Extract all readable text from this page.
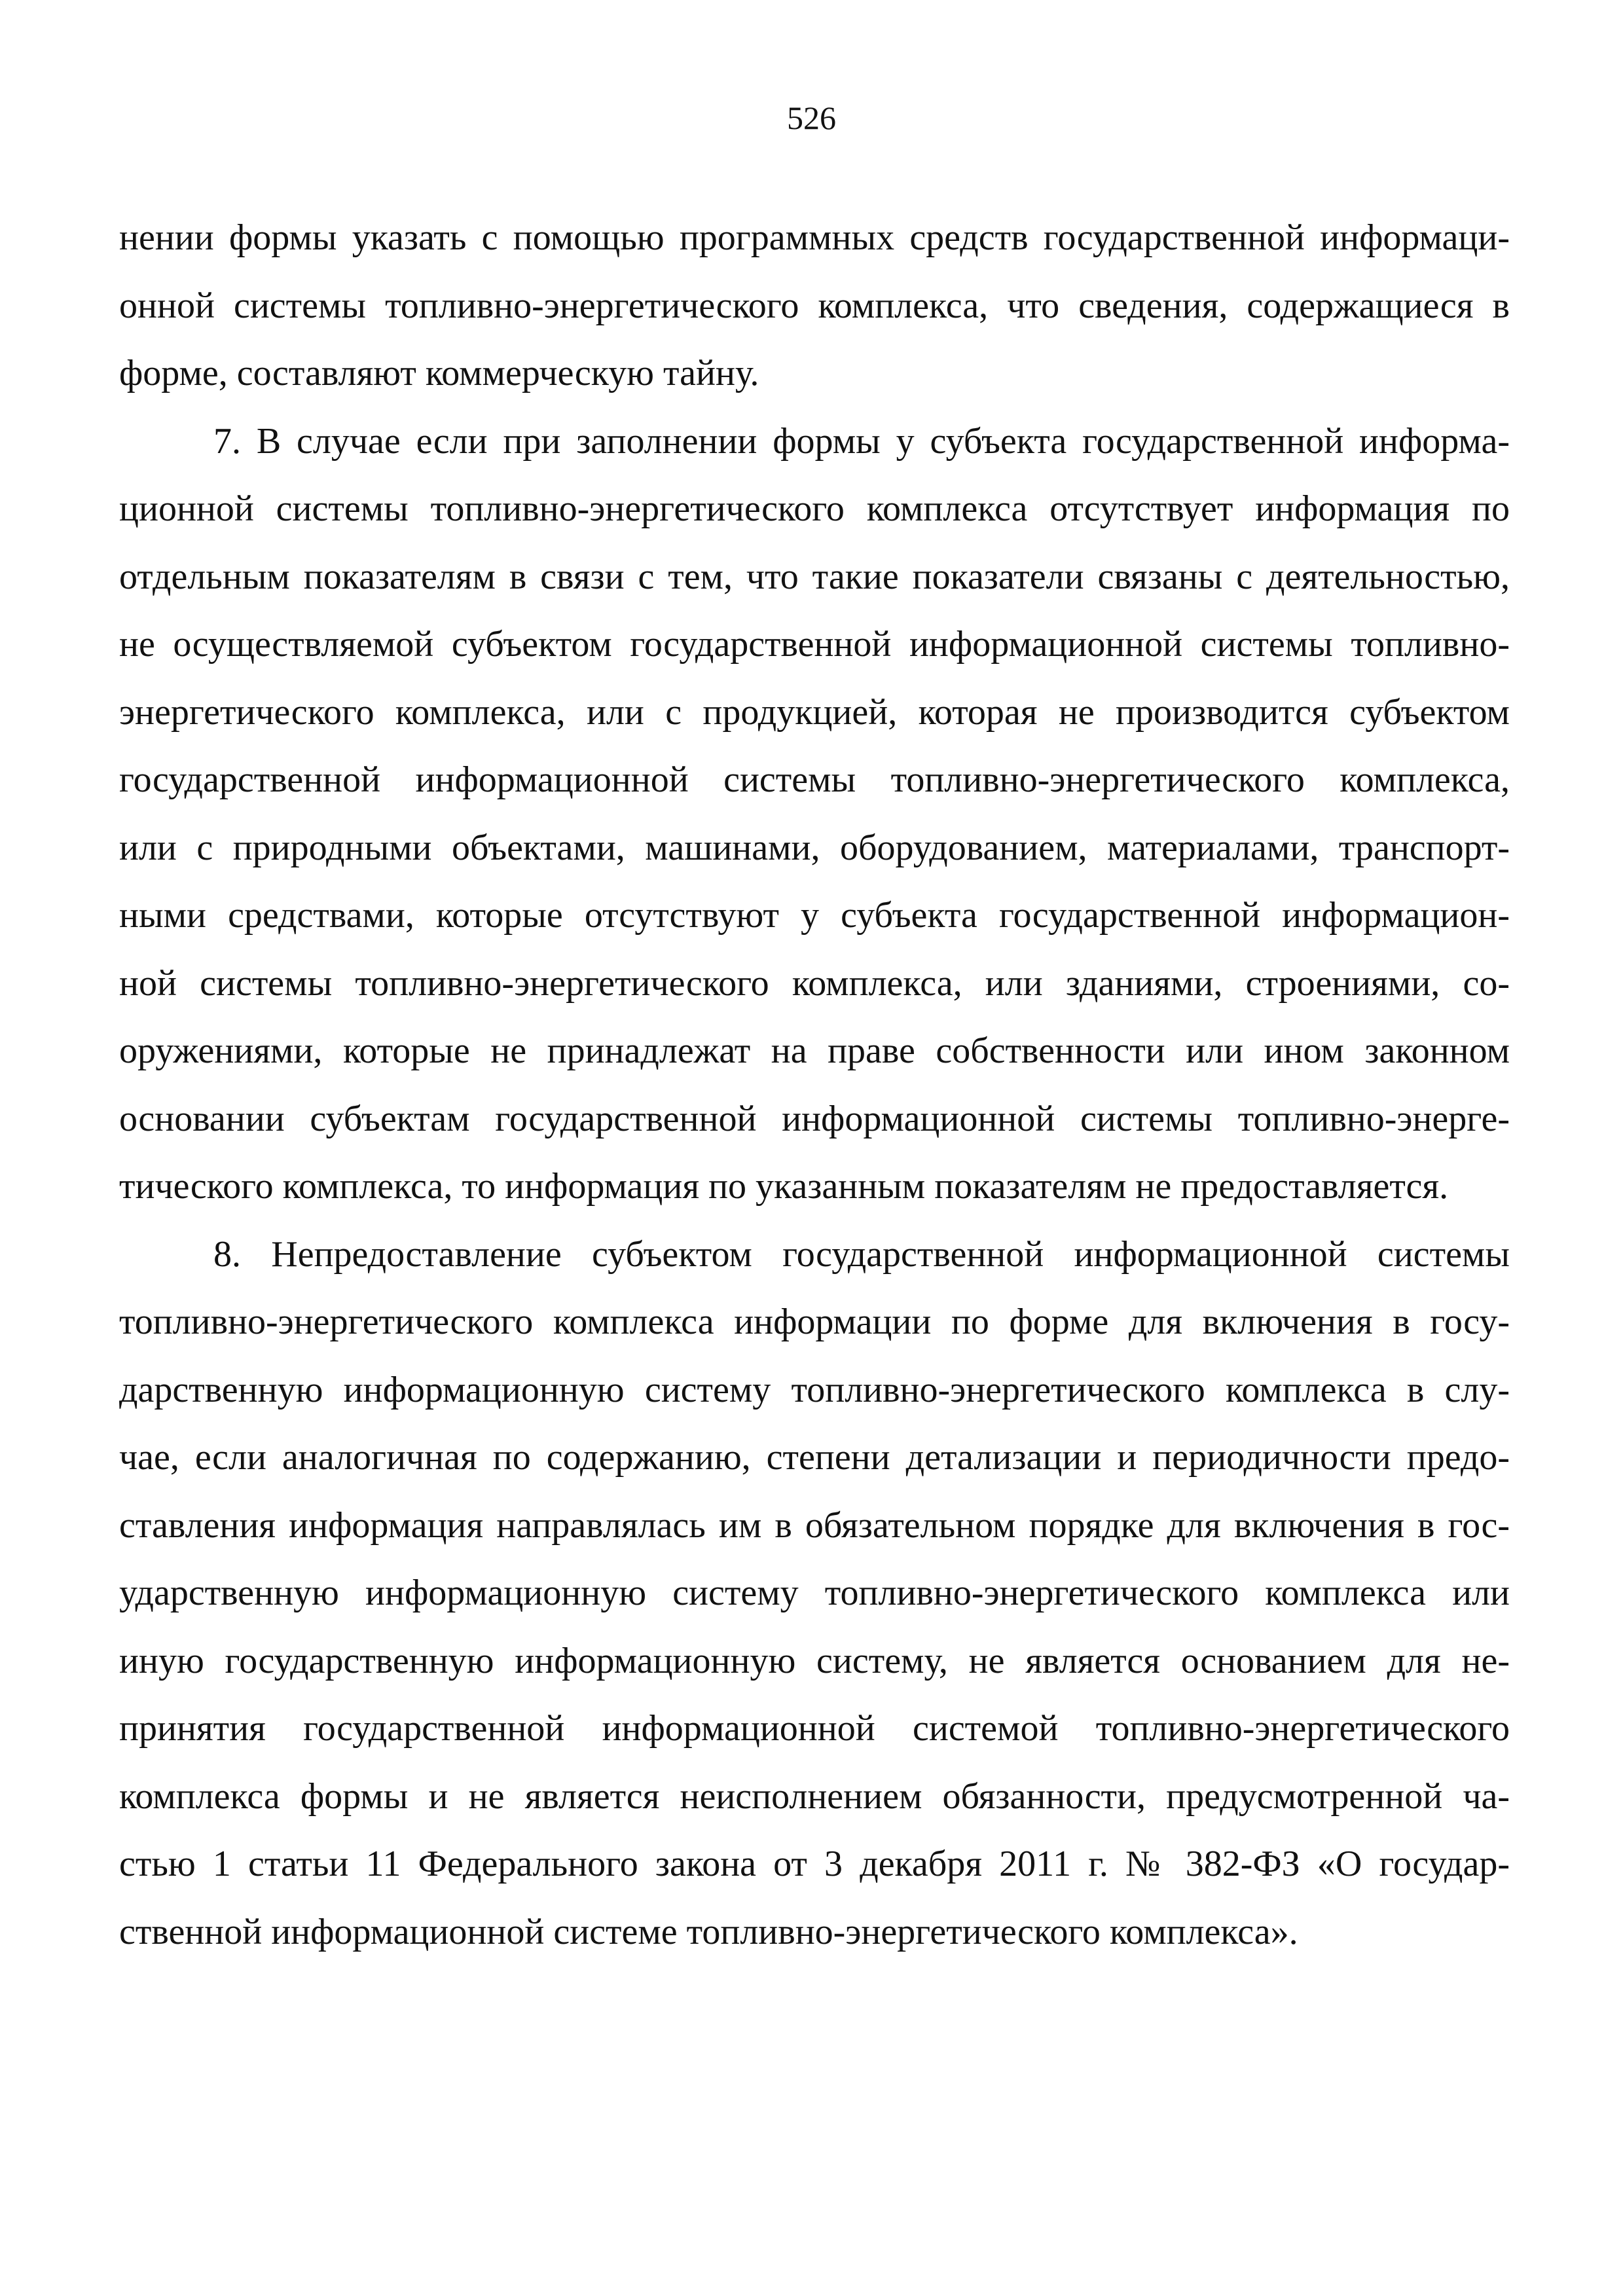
526
нении формы указать с помощью программных средств государственной информаци-
онной системы топливно-энергетического комплекса, что сведения, содержащиеся в
форме, составляют коммерческую тайну.
7. В случае если при заполнении формы у субъекта государственной информа-
ционной системы топливно-энергетического комплекса отсутствует информация по
отдельным показателям в связи с тем, что такие показатели связаны с деятельностью,
не осуществляемой субъектом государственной информационной системы топливно-
энергетического комплекса, или с продукцией, которая не производится субъектом
государственной информационной системы топливно-энергетического комплекса,
или с природными объектами, машинами, оборудованием, материалами, транспорт-
ными средствами, которые отсутствуют у субъекта государственной информацион-
ной системы топливно-энергетического комплекса, или зданиями, строениями, со-
оружениями, которые не принадлежат на праве собственности или ином законном
основании субъектам государственной информационной системы топливно-энерге-
тического комплекса, то информация по указанным показателям не предоставляется.
8. Непредоставление субъектом государственной информационной системы
топливно-энергетического комплекса информации по форме для включения в госу-
дарственную информационную систему топливно-энергетического комплекса в слу-
чае, если аналогичная по содержанию, степени детализации и периодичности предо-
ставления информация направлялась им в обязательном порядке для включения в гос-
ударственную информационную систему топливно-энергетического комплекса или
иную государственную информационную систему, не является основанием для не-
принятия государственной информационной системой топливно-энергетического
комплекса формы и не является неисполнением обязанности, предусмотренной ча-
стью 1 статьи 11 Федерального закона от 3 декабря 2011 г. № 382-ФЗ «О государ-
ственной информационной системе топливно-энергетического комплекса».
